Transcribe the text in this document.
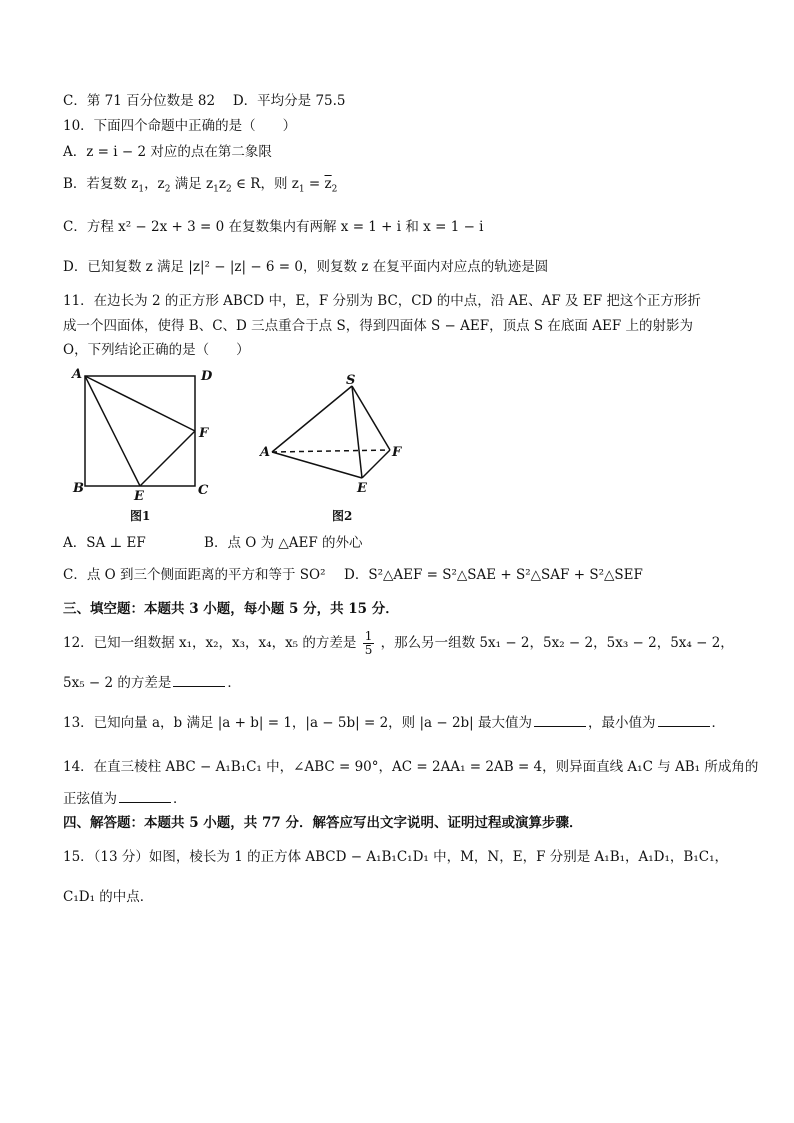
C．第 71 百分位数是 82　 D．平均分是 75.5
10．下面四个命题中正确的是（　　）
A．z = i − 2 对应的点在第二象限
B．若复数 $z_1$，$z_2$ 满足 $z_1z_2$ ∈ R，则 $z_1 = \overline{z}_2$
C．方程 x² − 2x + 3 = 0 在复数集内有两解 x = 1 + i 和 x = 1 − i
D．已知复数 z 满足 |z|² − |z| − 6 = 0，则复数 z 在复平面内对应点的轨迹是圆
11．在边长为 2 的正方形 ABCD 中，E，F 分别为 BC，CD 的中点，沿 AE、AF 及 EF 把这个正方形折
成一个四面体，使得 B、C、D 三点重合于点 S，得到四面体 S − AEF，顶点 S 在底面 AEF 上的射影为
O，下列结论正确的是（　　）
A	D
F
B
E	C
图1
S
A	F
E
图2
A．SA ⊥ EF　　　　 B．点 O 为 △AEF 的外心
C．点 O 到三个侧面距离的平方和等于 SO² D．S²△AEF = S²△SAE + S²△SAF + S²△SEF
三、填空题：本题共 3 小题，每小题 5 分，共 15 分．
12．已知一组数据 x₁，x₂，x₃，x₄，x₅ 的方差是 $\frac{1}{5}$ ，那么另一组数 5x₁ − 2，5x₂ − 2，5x₃ − 2，5x₄ − 2，
5x₅ − 2 的方差是	．
13．已知向量 a，b 满足 |a + b| = 1，|a − 5b| = 2，则 |a − 2b| 最大值为	，最小值为	．
14．在直三棱柱 ABC − A₁B₁C₁ 中，∠ABC = 90°，AC = 2AA₁ = 2AB = 4，则异面直线 A₁C 与 AB₁ 所成角的
正弦值为	．
四、解答题：本题共 5 小题，共 77 分．解答应写出文字说明、证明过程或演算步骤．
15．（13 分）如图，棱长为 1 的正方体 ABCD − A₁B₁C₁D₁ 中，M，N，E，F 分别是 A₁B₁，A₁D₁，B₁C₁，
C₁D₁ 的中点．
